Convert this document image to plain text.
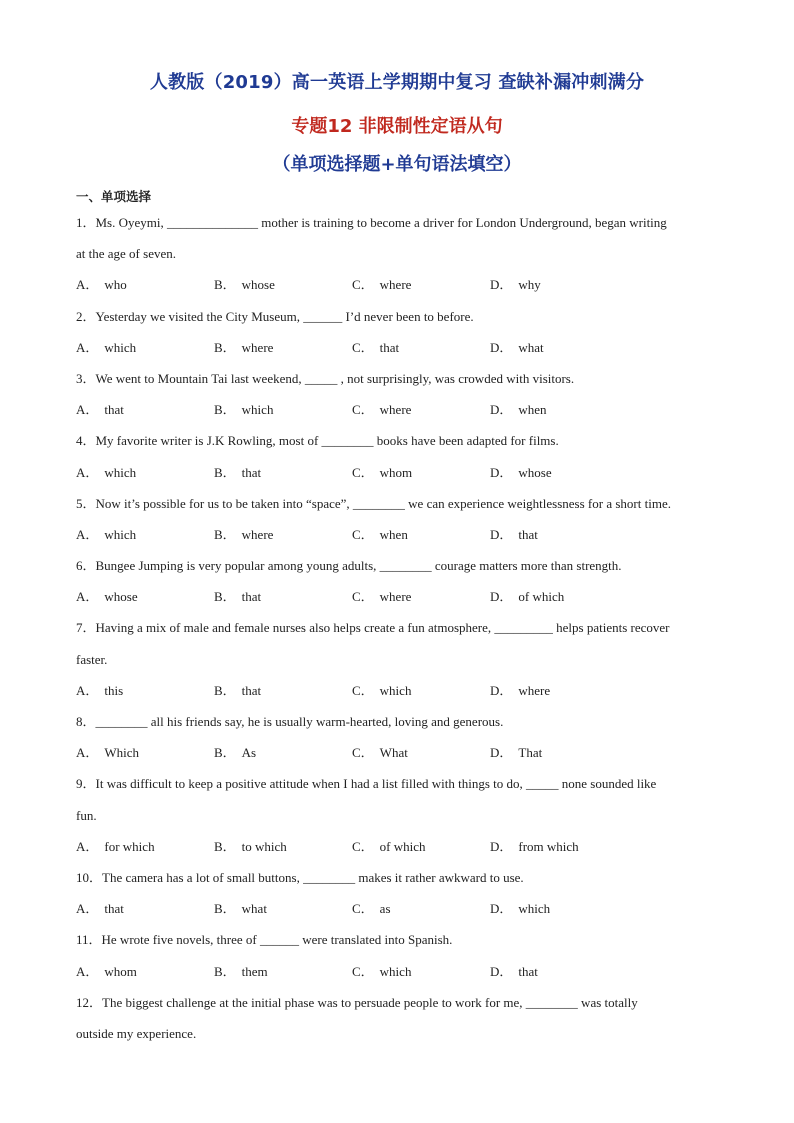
人教版（2019）高一英语上学期期中复习 查缺补漏冲刺满分
专题12 非限制性定语从句
（单项选择题+单句语法填空）
一、单项选择
1．Ms. Oyeymi, ______________ mother is training to become a driver for London Underground, began writing
at the age of seven.
A． who	B． whose	C． where	D． why
2．Yesterday we visited the City Museum, ______ I’d never been to before.
A． which	B． where	C． that	D． what
3．We went to Mountain Tai last weekend, _____ , not surprisingly, was crowded with visitors.
A． that	B． which	C． where	D． when
4．My favorite writer is J.K Rowling, most of ________ books have been adapted for films.
A． which	B． that	C． whom	D． whose
5．Now it’s possible for us to be taken into “space”, ________ we can experience weightlessness for a short time.
A． which	B． where	C． when	D． that
6．Bungee Jumping is very popular among young adults, ________ courage matters more than strength.
A． whose	B． that	C． where	D． of which
7．Having a mix of male and female nurses also helps create a fun atmosphere, _________ helps patients recover
faster.
A． this	B． that	C． which	D． where
8．________ all his friends say, he is usually warm-hearted, loving and generous.
A． Which	B． As	C． What	D． That
9．It was difficult to keep a positive attitude when I had a list filled with things to do, _____ none sounded like
fun.
A． for which	B． to which	C． of which	D． from which
10．The camera has a lot of small buttons, ________ makes it rather awkward to use.
A． that	B． what	C． as	D． which
11．He wrote five novels, three of ______ were translated into Spanish.
A． whom	B． them	C． which	D． that
12．The biggest challenge at the initial phase was to persuade people to work for me, ________ was totally
outside my experience.
